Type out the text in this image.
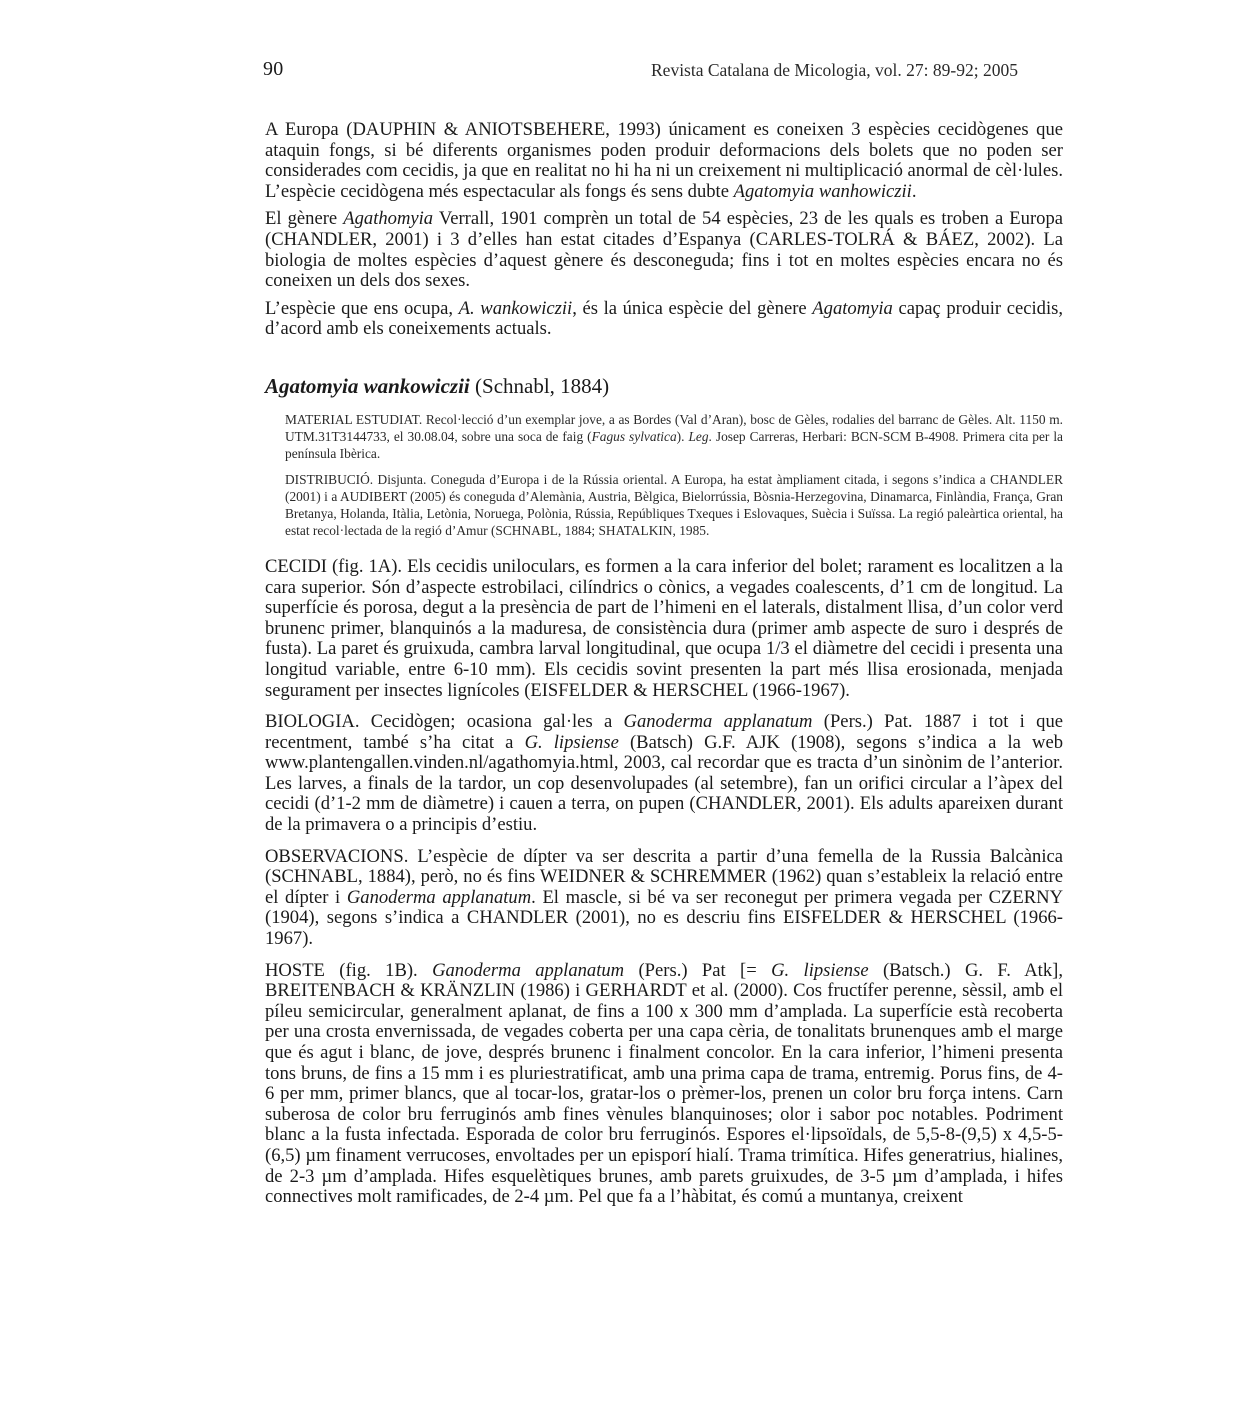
90	Revista Catalana de Micologia, vol. 27: 89-92; 2005

A Europa (DAUPHIN & ANIOTSBEHERE, 1993) únicament es coneixen 3 espècies cecidògenes que ataquin fongs, si bé diferents organismes poden produir deformacions dels bolets que no poden ser considerades com cecidis, ja que en realitat no hi ha ni un creixement ni multiplicació anormal de cèl·lules. L’espècie cecidògena més espectacular als fongs és sens dubte Agatomyia wanhowiczii.

El gènere Agathomyia Verrall, 1901 comprèn un total de 54 espècies, 23 de les quals es troben a Europa (CHANDLER, 2001) i 3 d’elles han estat citades d’Espanya (CARLES-TOLRÁ & BÁEZ, 2002). La biologia de moltes espècies d’aquest gènere és desconeguda; fins i tot en moltes espècies encara no és coneixen un dels dos sexes.

L’espècie que ens ocupa, A. wankowiczii, és la única espècie del gènere Agatomyia capaç produir cecidis, d’acord amb els coneixements actuals.

Agatomyia wankowiczii (Schnabl, 1884)

MATERIAL ESTUDIAT. Recol·lecció d’un exemplar jove, a as Bordes (Val d’Aran), bosc de Gèles, rodalies del barranc de Gèles. Alt. 1150 m. UTM.31T3144733, el 30.08.04, sobre una soca de faig (Fagus sylvatica). Leg. Josep Carreras, Herbari: BCN-SCM B-4908. Primera cita per la península Ibèrica.

DISTRIBUCIÓ. Disjunta. Coneguda d’Europa i de la Rússia oriental. A Europa, ha estat àmpliament citada, i segons s’indica a CHANDLER (2001) i a AUDIBERT (2005) és coneguda d’Alemània, Austria, Bèlgica, Bielorrússia, Bòsnia-Herzegovina, Dinamarca, Finlàndia, França, Gran Bretanya, Holanda, Itàlia, Letònia, Noruega, Polònia, Rússia, Repúbliques Txeques i Eslovaques, Suècia i Suïssa. La regió paleàrtica oriental, ha estat recol·lectada de la regió d’Amur (SCHNABL, 1884; SHATALKIN, 1985.

CECIDI (fig. 1A). Els cecidis uniloculars, es formen a la cara inferior del bolet; rarament es localitzen a la cara superior. Són d’aspecte estrobilaci, cilíndrics o cònics, a vegades coalescents, d’1 cm de longitud. La superfície és porosa, degut a la presència de part de l’himeni en el laterals, distalment llisa, d’un color verd brunenc primer, blanquinós a la maduresa, de consistència dura (primer amb aspecte de suro i després de fusta). La paret és gruixuda, cambra larval longitudinal, que ocupa 1/3 el diàmetre del cecidi i presenta una longitud variable, entre 6-10 mm). Els cecidis sovint presenten la part més llisa erosionada, menjada segurament per insectes lignícoles (EISFELDER & HERSCHEL (1966-1967).

BIOLOGIA. Cecidògen; ocasiona gal·les a Ganoderma applanatum (Pers.) Pat. 1887 i tot i que recentment, també s’ha citat a G. lipsiense (Batsch) G.F. AJK (1908), segons s’indica a la web www.plantengallen.vinden.nl/agathomyia.html, 2003, cal recordar que es tracta d’un sinònim de l’anterior. Les larves, a finals de la tardor, un cop desenvolupades (al setembre), fan un orifici circular a l’àpex del cecidi (d’1-2 mm de diàmetre) i cauen a terra, on pupen (CHANDLER, 2001). Els adults apareixen durant de la primavera o a principis d’estiu.

OBSERVACIONS. L’espècie de dípter va ser descrita a partir d’una femella de la Russia Balcànica (SCHNABL, 1884), però, no és fins WEIDNER & SCHREMMER (1962) quan s’estableix la relació entre el dípter i Ganoderma applanatum. El mascle, si bé va ser reconegut per primera vegada per CZERNY (1904), segons s’indica a CHANDLER (2001), no es descriu fins EISFELDER & HERSCHEL (1966-1967).

HOSTE (fig. 1B). Ganoderma applanatum (Pers.) Pat [= G. lipsiense (Batsch.) G. F. Atk], BREITENBACH & KRÄNZLIN (1986) i GERHARDT et al. (2000). Cos fructífer perenne, sèssil, amb el píleu semicircular, generalment aplanat, de fins a 100 x 300 mm d’amplada. La superfície està recoberta per una crosta envernissada, de vegades coberta per una capa cèria, de tonalitats brunenques amb el marge que és agut i blanc, de jove, després brunenc i finalment concolor. En la cara inferior, l’himeni presenta tons bruns, de fins a 15 mm i es pluriestratificat, amb una prima capa de trama, entremig. Porus fins, de 4-6 per mm, primer blancs, que al tocar-los, gratar-los o prèmer-los, prenen un color bru força intens. Carn suberosa de color bru ferruginós amb fines vènules blanquinoses; olor i sabor poc notables. Podriment blanc a la fusta infectada. Esporada de color bru ferruginós. Espores el·lipsoïdals, de 5,5-8-(9,5) x 4,5-5-(6,5) µm finament verrucoses, envoltades per un episporí hialí. Trama trimítica. Hifes generatrius, hialines, de 2-3 µm d’amplada. Hifes esquelètiques brunes, amb parets gruixudes, de 3-5 µm d’amplada, i hifes connectives molt ramificades, de 2-4 µm. Pel que fa a l’hàbitat, és comú a muntanya, creixent
